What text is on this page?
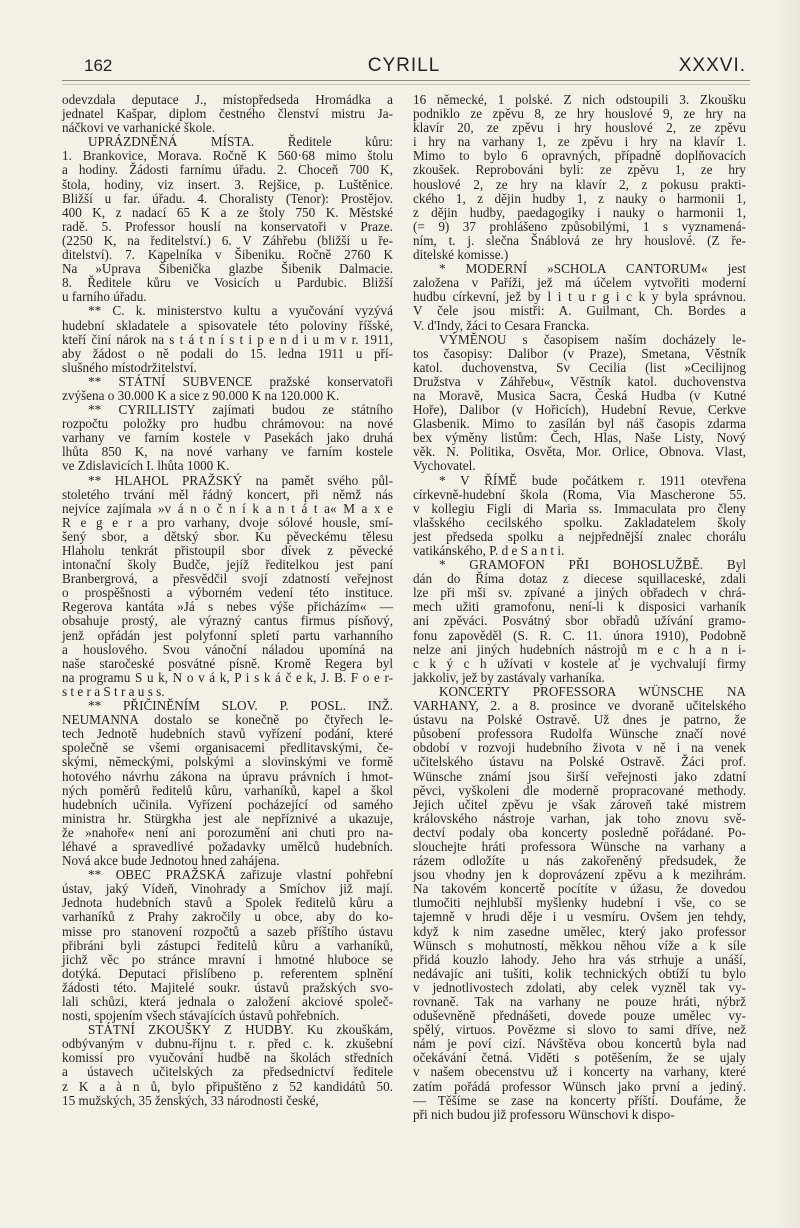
162	CYRILL	XXXVI.
odevzdala deputace J., místopředseda Hromádka a
jednatel Kašpar, diplom čestného členství mistru Ja-
náčkovi ve varhanické škole.
UPRÁZDNĚNÁ MÍSTA. Ředitele kůru:
1. Brankovice, Morava. Ročně K 560·68 mimo štolu
a hodiny. Žádosti farnímu úřadu. 2. Choceň 700 K,
štola, hodiny, viz insert. 3. Rejšice, p. Luštěnice.
Bližší u far. úřadu. 4. Choralisty (Tenor): Prostějov.
400 K, z nadací 65 K a ze štoly 750 K. Městské
radě. 5. Professor houslí na konservatoři v Praze.
(2250 K, na ředitelství.) 6. V Záhřebu (bližší u ře-
ditelství). 7. Kapelníka v Šibeniku. Ročně 2760 K
Na »Uprava Šibenička glazbe Šibenik Dalmacie.
8. Ředitele kůru ve Vosicích u Pardubic. Bližší
u farního úřadu.
** C. k. ministerstvo kultu a vyučování vyzývá
hudební skladatele a spisovatele této poloviny říšské,
kteří činí nárok na s t á t n í s t i p e n d i u m v r. 1911,
aby žádost o ně podali do 15. ledna 1911 u pří-
slušného místodržitelství.
** STÁTNÍ SUBVENCE pražské konservatoři
zvýšena o 30.000 K a sice z 90.000 K na 120.000 K.
** CYRILLISTY zajímati budou ze státního
rozpočtu položky pro hudbu chrámovou: na nové
varhany ve farním kostele v Pasekách jako druhá
lhůta 850 K, na nové varhany ve farním kostele
ve Zdislavicích I. lhůta 1000 K.
** HLAHOL PRAŽSKÝ na pamět svého půl-
stoletého trvání měl řádný koncert, při němž nás
nejvíce zajímala »v á n o č n í k a n t á t a« M a x e
R e g e r a pro varhany, dvoje sólové housle, smí-
šený sbor, a dětský sbor. Ku pěveckému tělesu
Hlaholu tenkrát přistoupil sbor dívek z pěvecké
intonační školy Budče, jejíž ředitelkou jest paní
Branbergrová, a přesvědčil svojí zdatností veřejnost
o prospěšnosti a výborném vedení této instituce.
Regerova kantáta »Já s nebes výše přicházím« —
obsahuje prostý, ale výrazný cantus firmus písňový,
jenž opřádán jest polyfonní spletí partu varhanního
a houslového. Svou vánoční náladou upomíná na
naše staročeské posvátné písně. Kromě Regera byl
na programu S u k, N o v á k, P i s k á č e k, J. B. F o e r-
s t e r a S t r a u s s.
** PŘIČINĚNÍM SLOV. P. POSL. INŽ.
NEUMANNA dostalo se konečně po čtyřech le-
tech Jednotě hudebních stavů vyřízení podání, které
společně se všemi organisacemi předlitavskými, če-
skými, německými, polskými a slovinskými ve formě
hotového návrhu zákona na úpravu právních i hmot-
ných poměrů ředitelů kůru, varhaníků, kapel a škol
hudebních učinila. Vyřízení pocházející od samého
ministra hr. Stürgkha jest ale nepříznivé a ukazuje,
že »nahoře« není ani porozumění ani chuti pro na-
léhavé a spravedlivé požadavky umělců hudebních.
Nová akce bude Jednotou hned zahájena.
** OBEC PRAŽSKÁ zařizuje vlastní pohřební
ústav, jaký Vídeň, Vinohrady a Smíchov již mají.
Jednota hudebních stavů a Spolek ředitelů kůru a
varhaníků z Prahy zakročily u obce, aby do ko-
misse pro stanovení rozpočtů a sazeb příštího ústavu
přibráni byli zástupci ředitelů kůru a varhaníků,
jichž věc po stránce mravní i hmotné hluboce se
dotýká. Deputaci přislíbeno p. referentem splnění
žádosti této. Majitelé soukr. ústavů pražských svo-
lali schůzi, která jednala o založení akciové společ-
nosti, spojením všech stávajících ústavů pohřebních.
STÁTNÍ ZKOUŠKY Z HUDBY. Ku zkouškám,
odbývaným v dubnu-říjnu t. r. před c. k. zkušební
komissí pro vyučování hudbě na školách středních
a ústavech učitelských za předsednictví ředitele
z K a à n ů, bylo připuštěno z 52 kandidátů 50.
15 mužských, 35 ženských, 33 národnosti české,
16 německé, 1 polské. Z nich odstoupili 3. Zkoušku
podniklo ze zpěvu 8, ze hry houslové 9, ze hry na
klavír 20, ze zpěvu i hry houslové 2, ze zpěvu
i hry na varhany 1, ze zpěvu i hry na klavír 1.
Mimo to bylo 6 opravných, případně doplňovacích
zkoušek. Reprobováni byli: ze zpěvu 1, ze hry
houslové 2, ze hry na klavír 2, z pokusu prakti-
ckého 1, z dějin hudby 1, z nauky o harmonii 1,
z dějin hudby, paedagogiky i nauky o harmonii 1,
(= 9) 37 prohlášeno způsobilými, 1 s vyznamená-
ním, t. j. slečna Šnáblová ze hry houslové. (Z ře-
ditelské komisse.)
* MODERNÍ »SCHOLA CANTORUM« jest
založena v Paříži, jež má účelem vytvořiti moderní
hudbu církevní, jež by l i t u r g i c k y byla správnou.
V čele jsou mistři: A. Guilmant, Ch. Bordes a
V. d'Indy, žáci to Cesara Francka.
VÝMĚNOU s časopisem naším docházely le-
tos časopisy: Dalibor (v Praze), Smetana, Věstník
katol. duchovenstva, Sv Cecilia (list »Cecilijnog
Družstva v Záhřebu«, Věstník katol. duchovenstva
na Moravě, Musica Sacra, Česká Hudba (v Kutné
Hoře), Dalibor (v Hořicích), Hudební Revue, Cerkve
Glasbenik. Mimo to zasílán byl náš časopis zdarma
bex výměny listům: Čech, Hlas, Naše Listy, Nový
věk. N. Politika, Osvěta, Mor. Orlice, Obnova. Vlast,
Vychovatel.
* V ŘÍMĚ bude počátkem r. 1911 otevřena
církevně-hudební škola (Roma, Via Mascherone 55.
v kollegiu Figli di Maria ss. Immaculata pro členy
vlašského cecilského spolku. Zakladatelem školy
jest předseda spolku a nejpřednější znalec chorálu
vatikánského, P. d e S a n t i.
* GRAMOFON PŘI BOHOSLUŽBĚ. Byl
dán do Říma dotaz z diecese squillaceské, zdali
lze při mši sv. zpívané a jiných obřadech v chrá-
mech užiti gramofonu, není-li k disposici varhaník
ani zpěváci. Posvátný sbor obřadů užívání gramo-
fonu zapověděl (S. R. C. 11. února 1910), Podobně
nelze ani jiných hudebních nástrojů m e c h a n i-
c k ý c h užívati v kostele ať je vychvalují firmy
jakkoliv, jež by zastávaly varhaníka.
KONCERTY PROFESSORA WÜNSCHE NA
VARHANY, 2. a 8. prosince ve dvoraně učitelského
ústavu na Polské Ostravě. Už dnes je patrno, že
působení professora Rudolfa Wünsche značí nové
období v rozvoji hudebního života v ně i na venek
učitelského ústavu na Polské Ostravě. Žáci prof.
Wünsche známí jsou širší veřejnosti jako zdatní
pěvci, vyškoleni dle moderně propracované methody.
Jejich učitel zpěvu je však zároveň také mistrem
královského nástroje varhan, jak toho znovu svě-
dectví podaly oba koncerty posledně pořádané. Po-
slouchejte hráti professora Wünsche na varhany a
rázem odložíte u nás zakořeněný předsudek, že
jsou vhodny jen k doprovázení zpěvu a k mezihrám.
Na takovém koncertě pocítíte v úžasu, že dovedou
tlumočiti nejhlubší myšlenky hudební i vše, co se
tajemně v hrudi děje i u vesmíru. Ovšem jen tehdy,
když k nim zasedne umělec, který jako professor
Wünsch s mohutností, měkkou něhou víže a k síle
přidá kouzlo lahody. Jeho hra vás strhuje a unáší,
nedávajíc ani tušiti, kolik technických obtíží tu bylo
v jednotlivostech zdolati, aby celek vyzněl tak vy-
rovnaně. Tak na varhany ne pouze hráti, nýbrž
oduševněně přednášeti, dovede pouze umělec vy-
spělý, virtuos. Povězme si slovo to sami dříve, než
nám je poví cizí. Návštěva obou koncertů byla nad
očekávání četná. Viděti s potěšením, že se ujaly
v našem obecenstvu už i koncerty na varhany, které
zatím pořádá professor Wünsch jako první a jediný.
— Těšíme se zase na koncerty příští. Doufáme, že
při nich budou již professoru Wünschovi k dispo-
